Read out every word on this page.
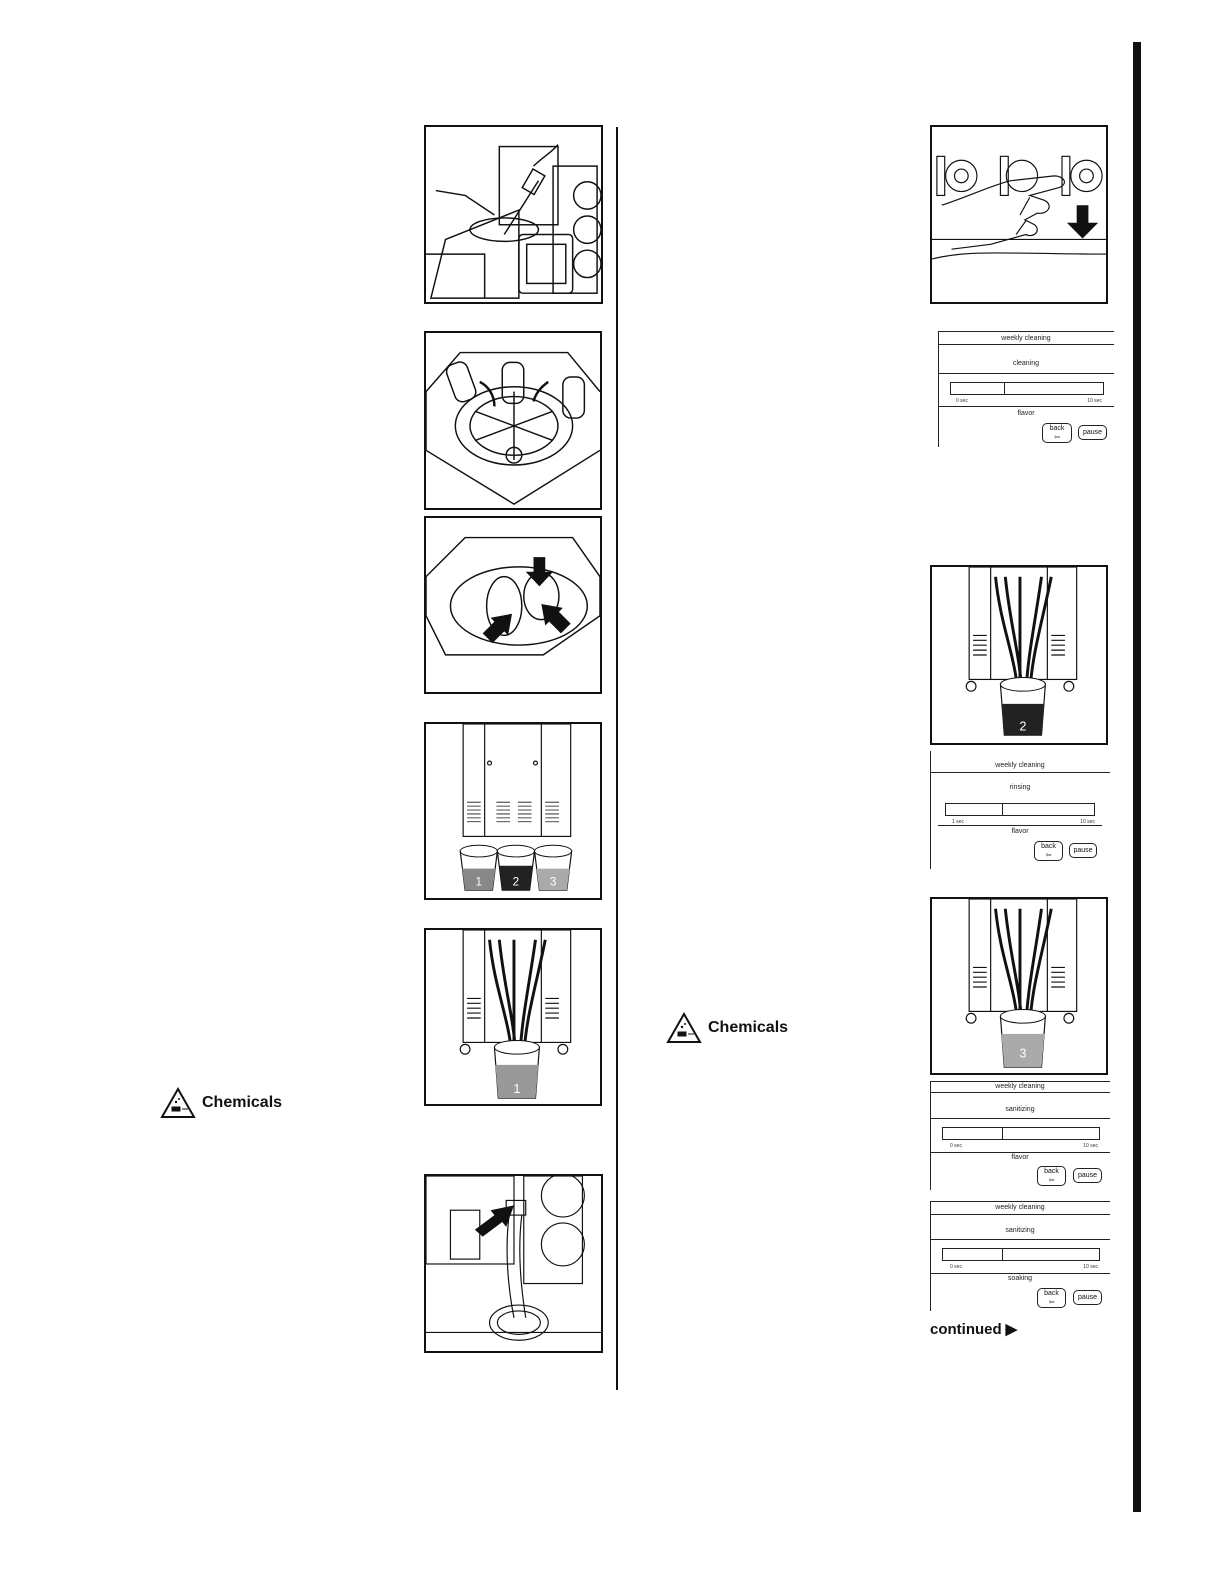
1	2	3
1
Chemicals
weekly cleaning
cleaning
0 sec	10 sec
flavor
back
⇦
pause
2
weekly cleaning
rinsing
1 sec	10 sec
flavor
back
⇦
pause
Chemicals
3
weekly cleaning
sanitizing
0 sec	10 sec
flavor
back
⇦
pause
weekly cleaning
sanitizing
0 sec	10 sec
soaking
back
⇦
pause
continued ▶
